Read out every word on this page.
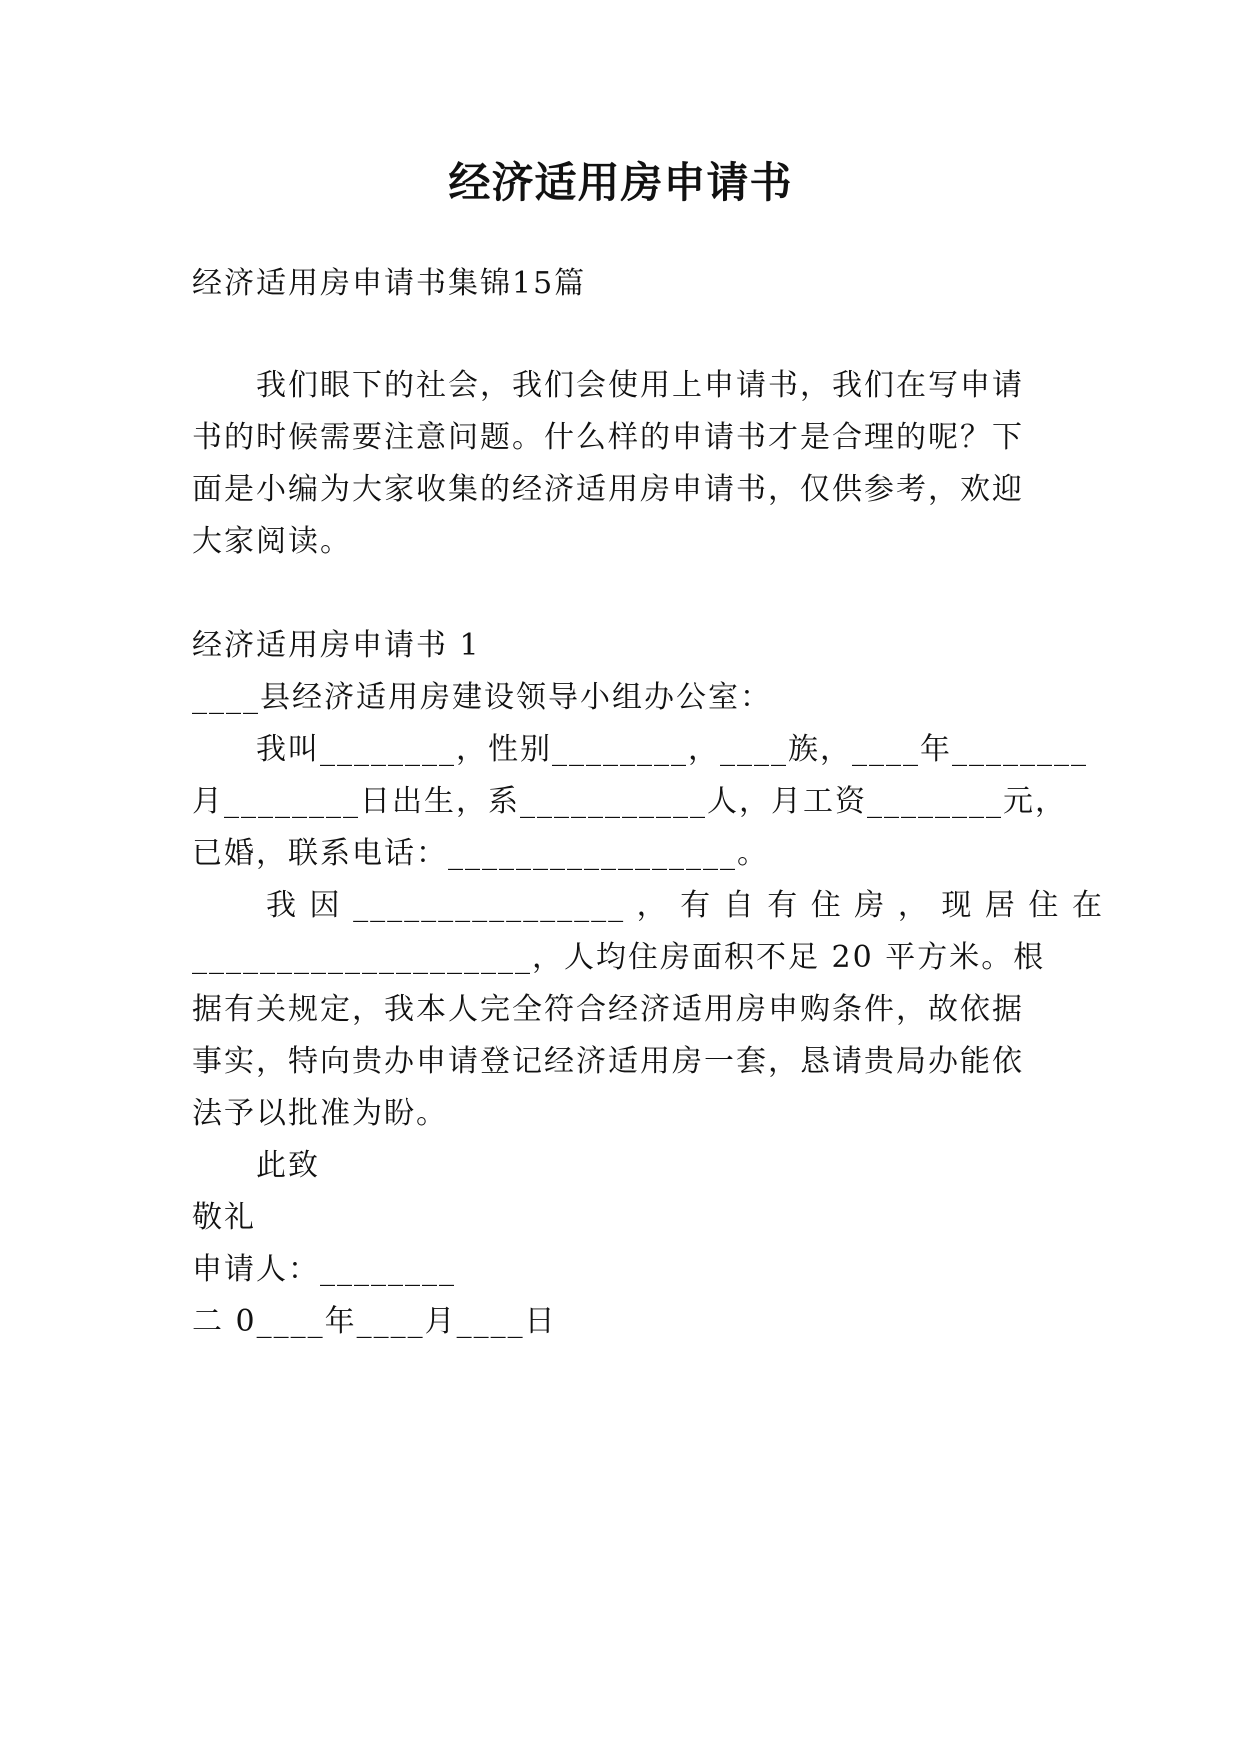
经济适用房申请书
经济适用房申请书集锦15篇
我们眼下的社会，我们会使用上申请书，我们在写申请
书的时候需要注意问题。什么样的申请书才是合理的呢？下
面是小编为大家收集的经济适用房申请书，仅供参考，欢迎
大家阅读。
经济适用房申请书 1
____县经济适用房建设领导小组办公室：
我叫________，性别________，____族，____年________
月________日出生，系___________人，月工资________元，
已婚，联系电话：_________________。
我 因 ________________ ， 有 自 有 住 房 ， 现 居 住 在
____________________，人均住房面积不足 20 平方米。根
据有关规定，我本人完全符合经济适用房申购条件，故依据
事实，特向贵办申请登记经济适用房一套，恳请贵局办能依
法予以批准为盼。
此致
敬礼
申请人：________
二 0____年____月____日
